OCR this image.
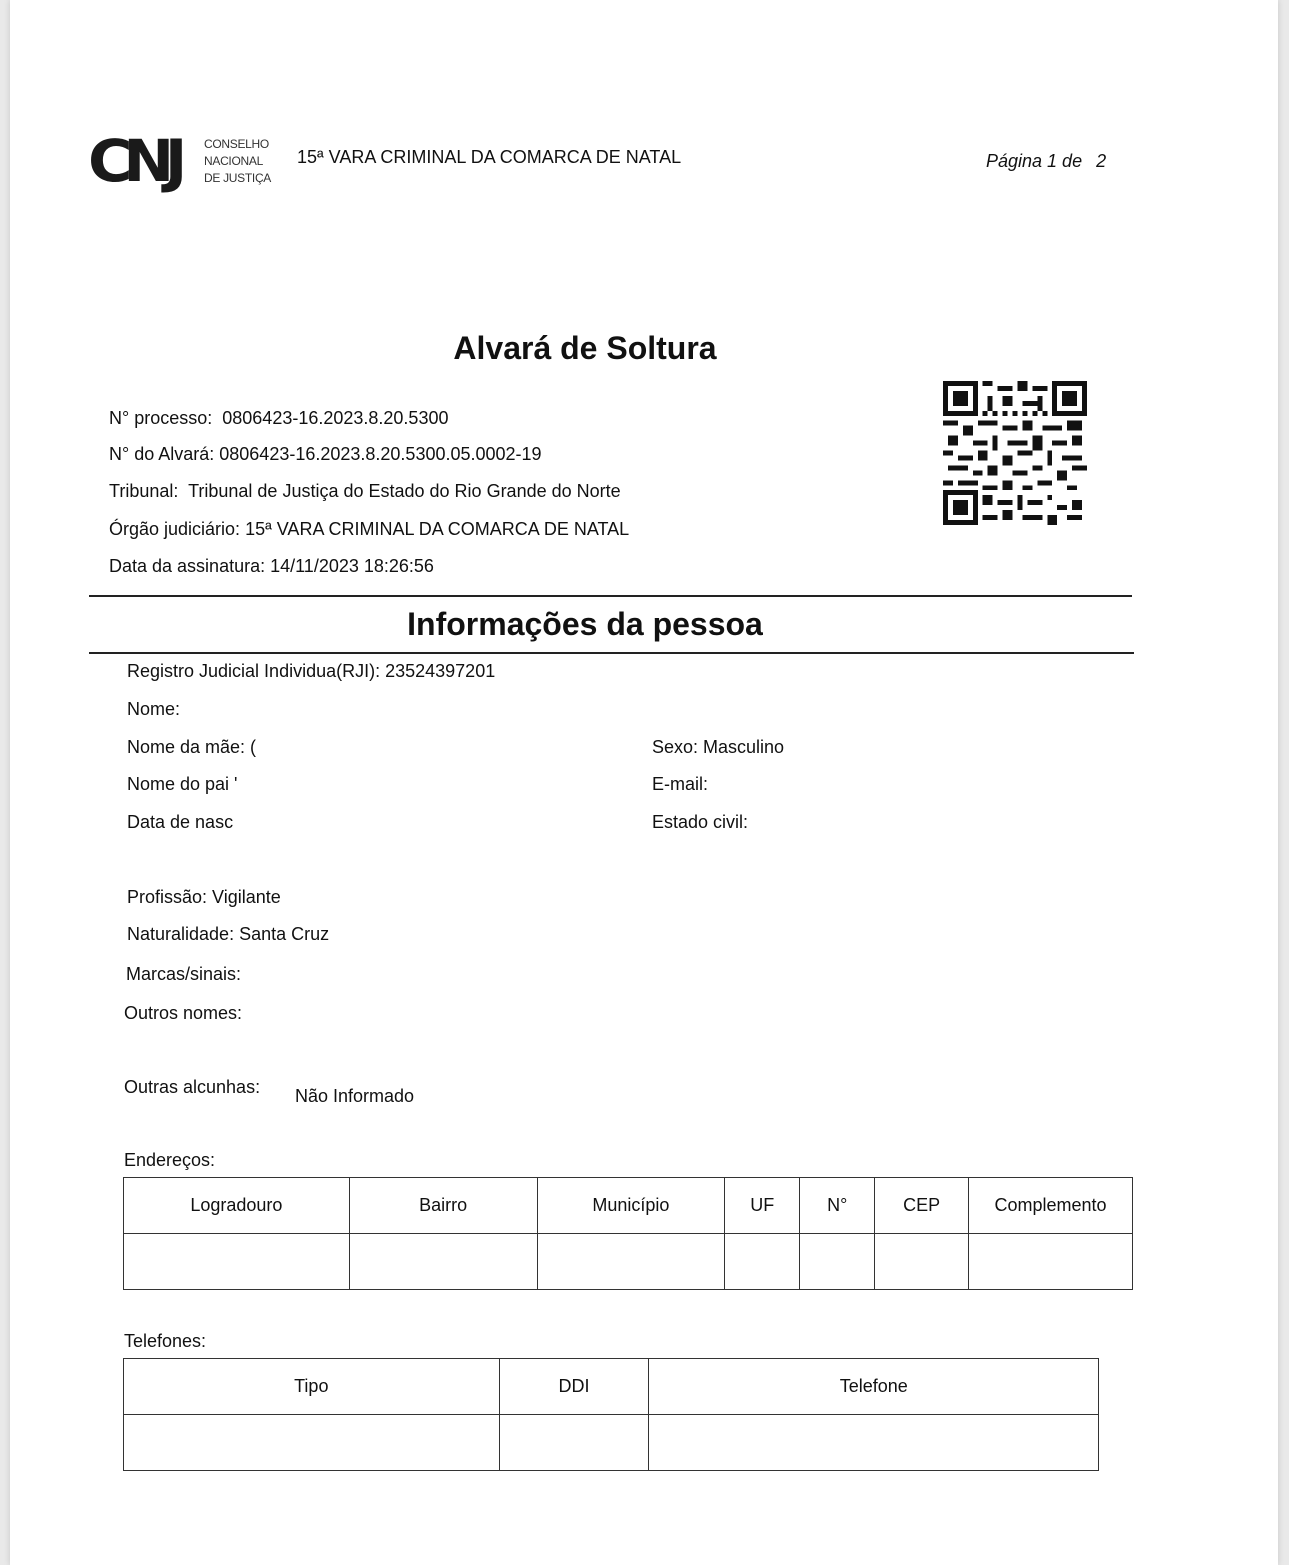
CNJ CONSELHO
NACIONAL
DE JUSTIÇA
15ª VARA CRIMINAL DA COMARCA DE NATAL	Página 1 de 2
Alvará de Soltura
N° processo: 0806423-16.2023.8.20.5300
N° do Alvará: 0806423-16.2023.8.20.5300.05.0002-19
Tribunal: Tribunal de Justiça do Estado do Rio Grande do Norte
Órgão judiciário: 15ª VARA CRIMINAL DA COMARCA DE NATAL
Data da assinatura: 14/11/2023 18:26:56
Informações da pessoa
Registro Judicial Individua(RJI): 23524397201
Nome:
Nome da mãe: (	Sexo: Masculino
Nome do pai '	E-mail:
Data de nasc	Estado civil:
Profissão: Vigilante
Naturalidade: Santa Cruz
Marcas/sinais:
Outros nomes:
Outras alcunhas: Não Informado
Endereços:
Logradouro	Bairro	Município	UF	N°	CEP	Complemento

Telefones:
Tipo	DDI	Telefone
